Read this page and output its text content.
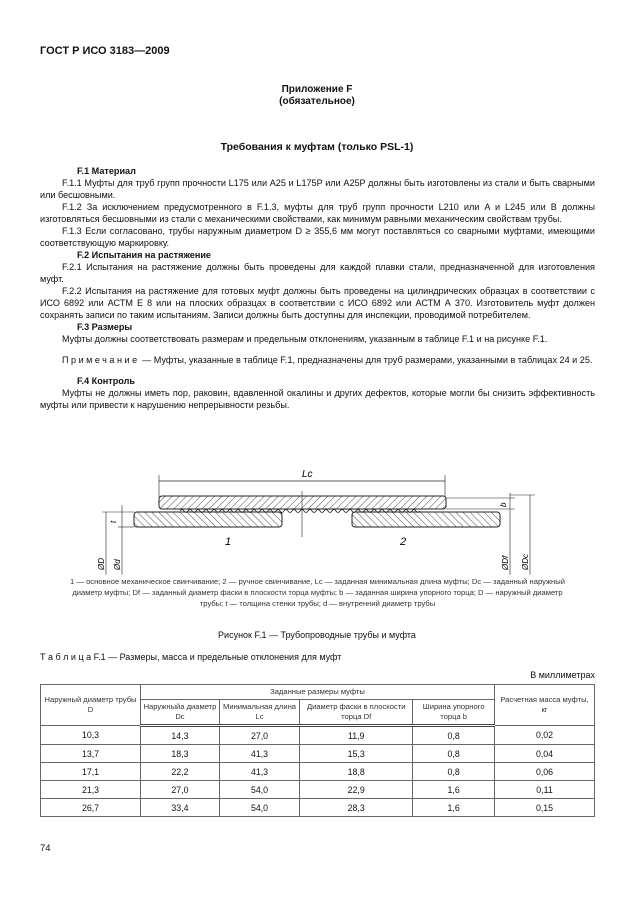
ГОСТ Р ИСО 3183—2009
Приложение F
(обязательное)
Требования к муфтам (только PSL-1)
F.1 Материал

F.1.1 Муфты для труб групп прочности L175 или A25 и L175P или A25P должны быть изготовлены из стали и быть сварными или бесшовными.

F.1.2 За исключением предусмотренного в F.1.3, муфты для труб групп прочности L210 или A и L245 или B должны изготовляться бесшовными из стали с механическими свойствами, как минимум равными механическим свойствам трубы.

F.1.3 Если согласовано, трубы наружным диаметром D ≥ 355,6 мм могут поставляться со сварными муфтами, имеющими соответствующую маркировку.

F.2 Испытания на растяжение

F.2.1 Испытания на растяжение должны быть проведены для каждой плавки стали, предназначенной для изготовления муфт.

F.2.2 Испытания на растяжение для готовых муфт должны быть проведены на цилиндрических образцах в соответствии с ИСО 6892 или АСТМ Е 8 или на плоских образцах в соответствии с ИСО 6892 или АСТМ А 370. Изготовитель муфт должен сохранять записи по таким испытаниям. Записи должны быть доступны для инспекции, проводимой потребителем.

F.3 Размеры

Муфты должны соответствовать размерам и предельным отклонениям, указанным в таблице F.1 и на рисунке F.1.

Примечание — Муфты, указанные в таблице F.1, предназначены для труб размерами, указанными в таблицах 24 и 25.

F.4 Контроль

Муфты не должны иметь пор, раковин, вдавленной окалины и других дефектов, которые могли бы снизить эффективность муфты или привести к нарушению непрерывности резьбы.

Lc
1	2
t
ØD Ød
b
ØDf ØDc
1 — основное механическое свинчивание; 2 — ручное свинчивание, Lc — заданная минимальная длина муфты; Dc — заданный наружный диаметр муфты; Df — заданный диаметр фаски в плоскости торца муфты; b — заданная ширина упорного торца; D — наружный диаметр трубы; t — толщина стенки трубы; d — внутренний диаметр трубы
Рисунок F.1 — Трубопроводные трубы и муфта
Т а б л и ц а F.1 — Размеры, масса и предельные отклонения для муфт
В миллиметрах
Наружный диаметр трубы D	Заданные размеры муфты				Расчетная масса муфты, кг
	Наружныйa диаметр Dc	Минимальная длина Lc	Диаметр фаски в плоскости торца Df	Ширина упорного торца b	
10,3	14,3	27,0	11,9	0,8	0,02
13,7	18,3	41,3	15,3	0,8	0,04
17,1	22,2	41,3	18,8	0,8	0,06
21,3	27,0	54,0	22,9	1,6	0,11
26,7	33,4	54,0	28,3	1,6	0,15
74
